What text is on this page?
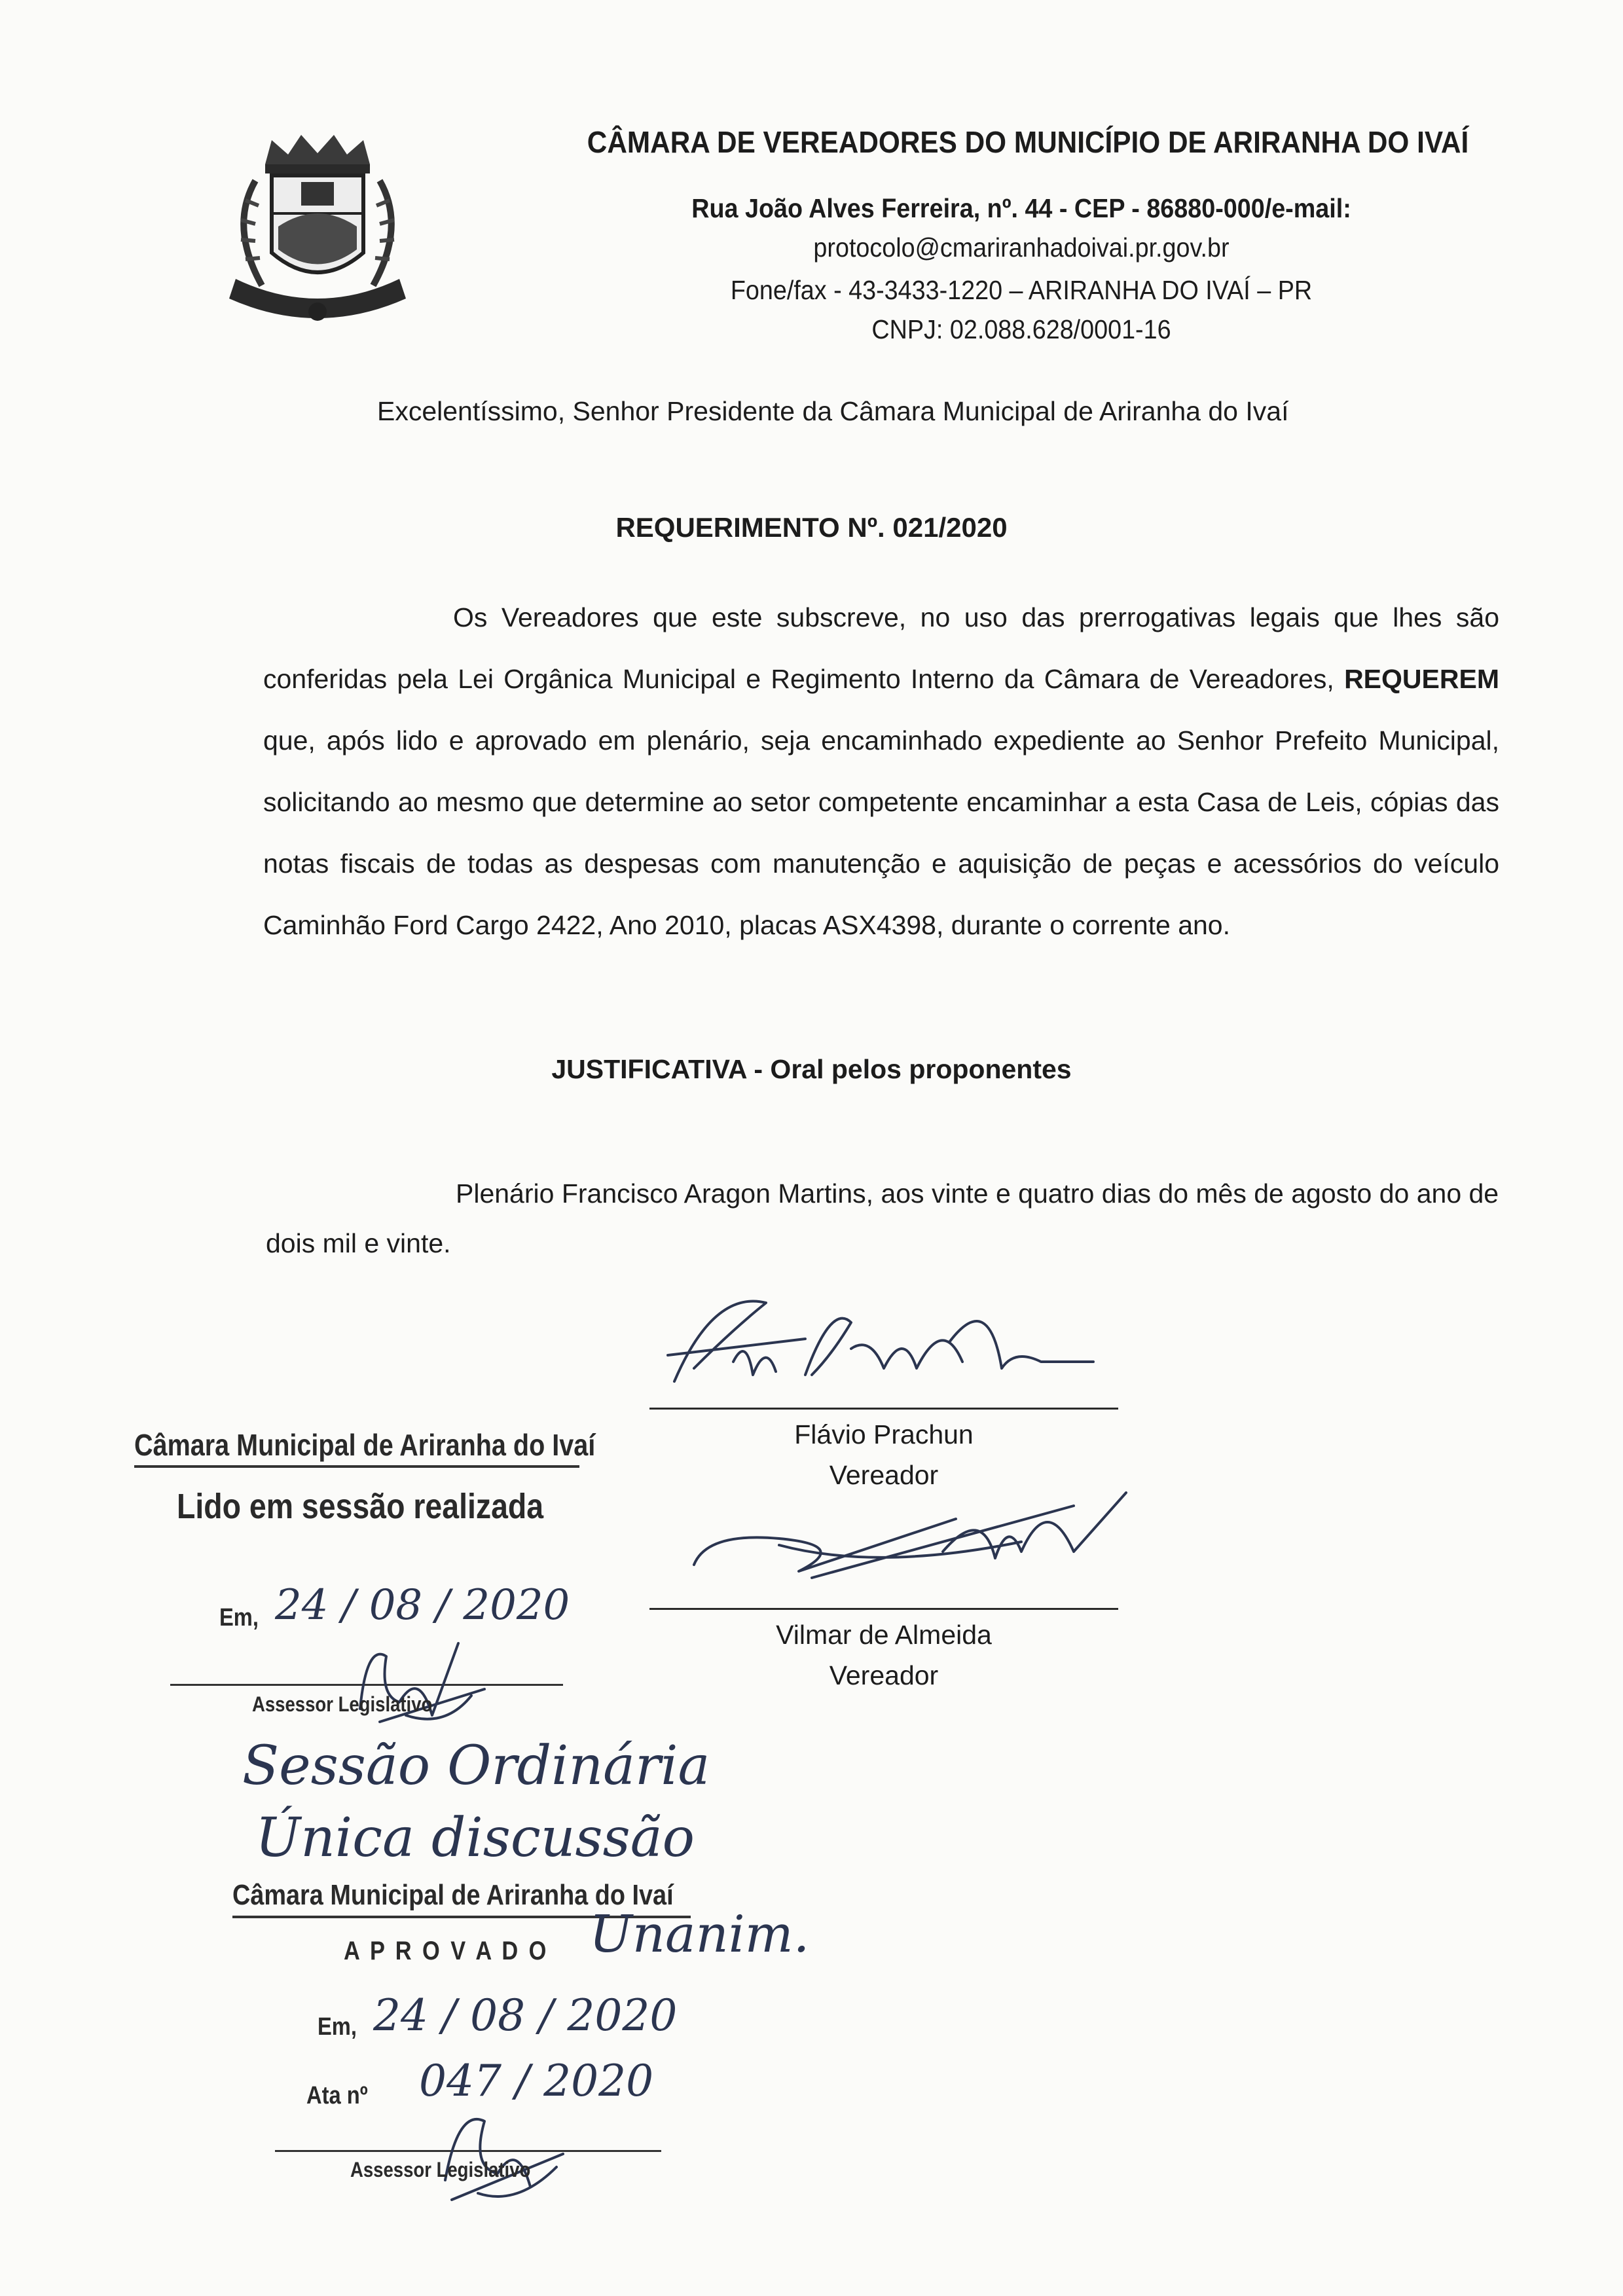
CÂMARA DE VEREADORES DO MUNICÍPIO DE ARIRANHA DO IVAÍ
Rua João Alves Ferreira, nº. 44 - CEP - 86880-000/e-mail:
protocolo@cmariranhadoivai.pr.gov.br
Fone/fax - 43-3433-1220 – ARIRANHA DO IVAÍ – PR
CNPJ: 02.088.628/0001-16
Excelentíssimo, Senhor Presidente da Câmara Municipal de Ariranha do Ivaí
REQUERIMENTO Nº. 021/2020
Os Vereadores que este subscreve, no uso das prerrogativas legais que lhes são conferidas pela Lei Orgânica Municipal e Regimento Interno da Câmara de Vereadores, REQUEREM que, após lido e aprovado em plenário, seja encaminhado expediente ao Senhor Prefeito Municipal, solicitando ao mesmo que determine ao setor competente encaminhar a esta Casa de Leis, cópias das notas fiscais de todas as despesas com manutenção e aquisição de peças e acessórios do veículo Caminhão Ford Cargo 2422, Ano 2010, placas ASX4398, durante o corrente ano.
JUSTIFICATIVA - Oral pelos proponentes
Plenário Francisco Aragon Martins, aos vinte e quatro dias do mês de agosto do ano de dois mil e vinte.
Flávio Prachun
Vereador
Vilmar de Almeida
Vereador
Câmara Municipal de Ariranha do Ivaí
Lido em sessão realizada
Em, 24 / 08 / 2020
Assessor Legislativo
Sessão Ordinária
Única discussão
Câmara Municipal de Ariranha do Ivaí
A P R O V A D O Unanim.
Em, 24 / 08 / 2020
Ata nº 047 / 2020
Assessor Legislativo
